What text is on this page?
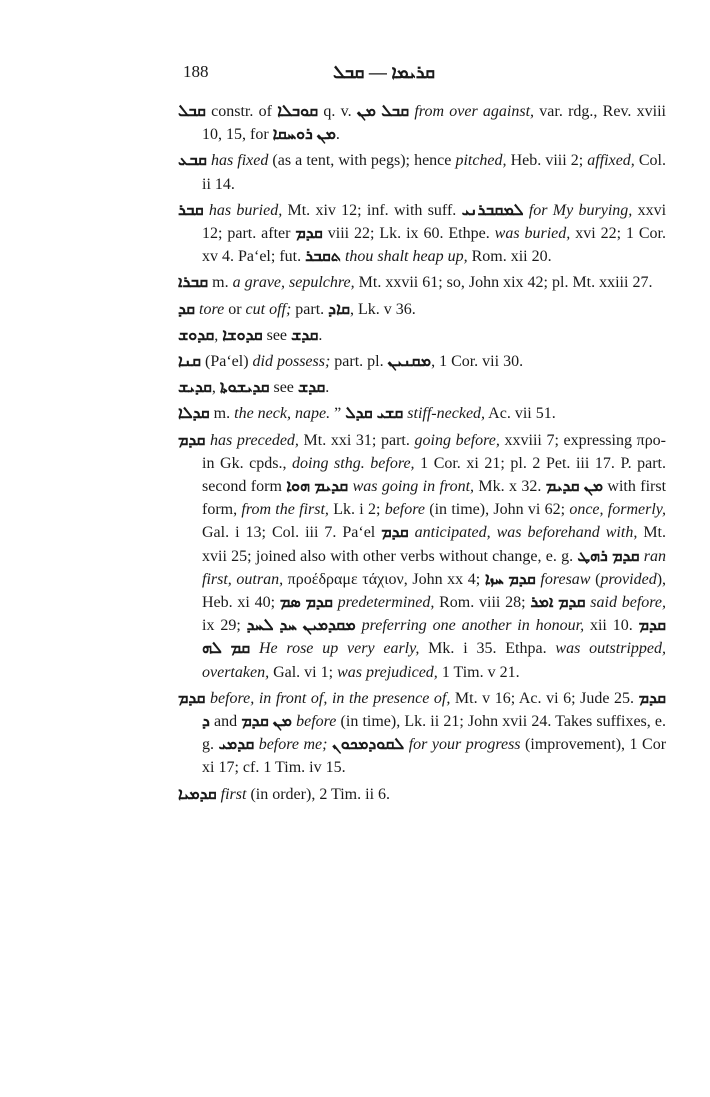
188	ܩܪܝܡܐ — ܩܒܠ

ܩܒܠ constr. of ܩܘܒܠܐ q. v. ܩܒܠ ܡܢ from over against, var. rdg., Rev. xviii 10, 15, for ܡܢ ܪܘܚܩܐ.

ܩܒܥ has fixed (as a tent, with pegs); hence pitched, Heb. viii 2; affixed, Col. ii 14.

ܩܒܪ has buried, Mt. xiv 12; inf. with suff. ܠܡܩܒܪܢܝ for My burying, xxvi 12; part. after ܩܕܡ viii 22; Lk. ix 60. Ethpe. was buried, xvi 22; 1 Cor. xv 4. Pa‘el; fut. ܬܩܒܪ thou shalt heap up, Rom. xii 20.

ܩܒܪܐ m. a grave, sepulchre, Mt. xxvii 61; so, John xix 42; pl. Mt. xxiii 27.

ܩܕ tore or cut off; part. ܩܐܕ, Lk. v 36.

ܩܕܘܫ, ܩܕܘܫܐ see ܩܕܫ.

ܩܢܐ (Pa‘el) did possess; part. pl. ܡܩܢܝܢ, 1 Cor. vii 30.

ܩܕܝܫ, ܩܕܝܫܘܬܐ see ܩܕܫ.

ܩܕܠܐ m. the neck, nape. ” ܩܫܝ ܩܕܠ stiff-necked, Ac. vii 51.

ܩܕܡ has preceded, Mt. xxi 31; part. going before, xxviii 7; expressing προ- in Gk. cpds., doing sthg. before, 1 Cor. xi 21; pl. 2 Pet. iii 17. P. part. second form ܩܕܝܡ ܗܘܐ was going in front, Mk. x 32. ܡܢ ܩܕܝܡ with first form, from the first, Lk. i 2; before (in time), John vi 62; once, formerly, Gal. i 13; Col. iii 7. Pa‘el ܩܕܡ anticipated, was beforehand with, Mt. xvii 25; joined also with other verbs without change, e. g. ܩܕܡ ܪܗܛ ran first, outran, προέδραμε τάχιον, John xx 4; ܩܕܡ ܚܙܐ foresaw (provided), Heb. xi 40; ܩܕܡ ܣܡ predetermined, Rom. viii 28; ܩܕܡ ܐܡܪ said before, ix 29; ܡܩܕܡܝܢ ܚܕ ܠܚܕ preferring one another in honour, xii 10. ܩܕܡ ܩܡ ܠܗ He rose up very early, Mk. i 35. Ethpa. was outstripped, overtaken, Gal. vi 1; was prejudiced, 1 Tim. v 21.

ܩܕܡ before, in front of, in the presence of, Mt. v 16; Ac. vi 6; Jude 25. ܩܕܡ ܕ and ܡܢ ܩܕܡ before (in time), Lk. ii 21; John xvii 24. Takes suffixes, e. g. ܩܕܡܝ before me; ܠܩܘܕܡܟܘܢ for your progress (improvement), 1 Cor xi 17; cf. 1 Tim. iv 15.

ܩܕܡܝܐ first (in order), 2 Tim. ii 6.
